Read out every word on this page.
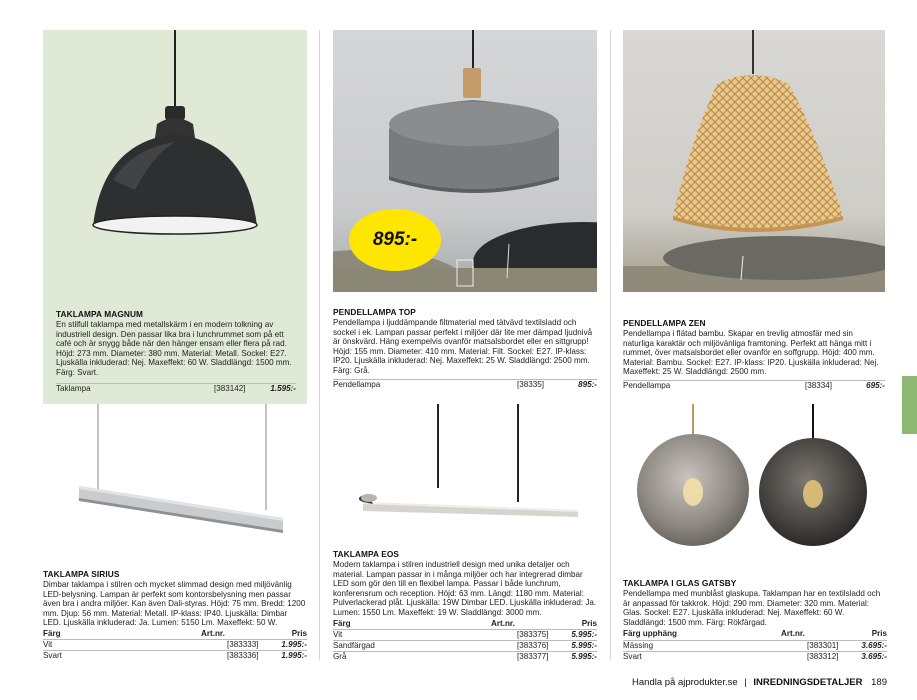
TAKLAMPA MAGNUM
En stilfull taklampa med metallskärm i en modern tolkning av industriell design. Den passar lika bra i lunchrummet som på ett café och är snygg både när den hänger ensam eller flera på rad. Höjd: 273 mm. Diameter: 380 mm. Material: Metall. Sockel: E27. Ljuskälla inkluderad: Nej. Maxeffekt: 60 W. Sladdlängd: 1500 mm. Färg: Svart.
Taklampa	[383142]	1.595:-
895:-
PENDELLAMPA TOP
Pendellampa i ljuddämpande filtmaterial med tätvävd textilsladd och sockel i ek. Lampan passar perfekt i miljöer där lite mer dämpad ljudnivå är önskvärd. Häng exempelvis ovanför matsalsbordet eller en sittgrupp! Höjd: 155 mm. Diameter: 410 mm. Material: Filt. Sockel: E27. IP-klass: IP20. Ljuskälla inkluderad: Nej. Maxeffekt: 25 W. Sladdlängd: 2500 mm. Färg: Grå.
Pendellampa	[38335]	895:-
PENDELLAMPA ZEN
Pendellampa i flätad bambu. Skapar en trevlig atmosfär med sin naturliga karaktär och miljövänliga framtoning. Perfekt att hänga mitt i rummet, över matsalsbordet eller ovanför en soffgrupp. Höjd: 400 mm. Material: Bambu. Sockel: E27. IP-klass: IP20. Ljuskälla inkluderad: Nej. Maxeffekt: 25 W. Sladdlängd: 2500 mm.
Pendellampa	[38334]	695:-
TAKLAMPA SIRIUS
Dimbar taklampa i stilren och mycket slimmad design med miljövänlig LED-belysning. Lampan är perfekt som kontorsbelysning men passar även bra i andra miljöer. Kan även Dali-styras. Höjd: 75 mm. Bredd: 1200 mm. Djup: 56 mm. Material: Metall. IP-klass: IP40. Ljuskälla: Dimbar LED. Ljuskälla inkluderad: Ja. Lumen: 5150 Lm. Maxeffekt: 50 W.
Färg	Art.nr.	Pris
Vit	[383333]	1.995:-
Svart	[383336]	1.995:-
TAKLAMPA EOS
Modern taklampa i stilren industriell design med unika detaljer och material. Lampan passar in i många miljöer och har integrerad dimbar LED som gör den till en flexibel lampa. Passar i både lunchrum, konferensrum och reception. Höjd: 63 mm. Längd: 1180 mm. Material: Pulverlackerad plåt. Ljuskälla: 19W Dimbar LED. Ljuskälla inkluderad: Ja. Lumen: 1550 Lm. Maxeffekt: 19 W. Sladdlängd: 3000 mm.
Färg	Art.nr.	Pris
Vit	[383375]	5.995:-
Sandfärgad	[383376]	5.995:-
Grå	[383377]	5.995:-
TAKLAMPA I GLAS GATSBY
Pendellampa med munblåst glaskupa. Taklampan har en textilsladd och är anpassad för takkrok. Höjd: 290 mm. Diameter: 320 mm. Material: Glas. Sockel: E27. Ljuskälla inkluderad: Nej. Maxeffekt: 60 W. Sladdlängd: 1500 mm. Färg: Rökfärgad.
Färg upphäng	Art.nr.	Pris
Mässing	[383301]	3.695:-
Svart	[383312]	3.695:-
Handla på ajprodukter.se | INREDNINGSDETALJER 189
